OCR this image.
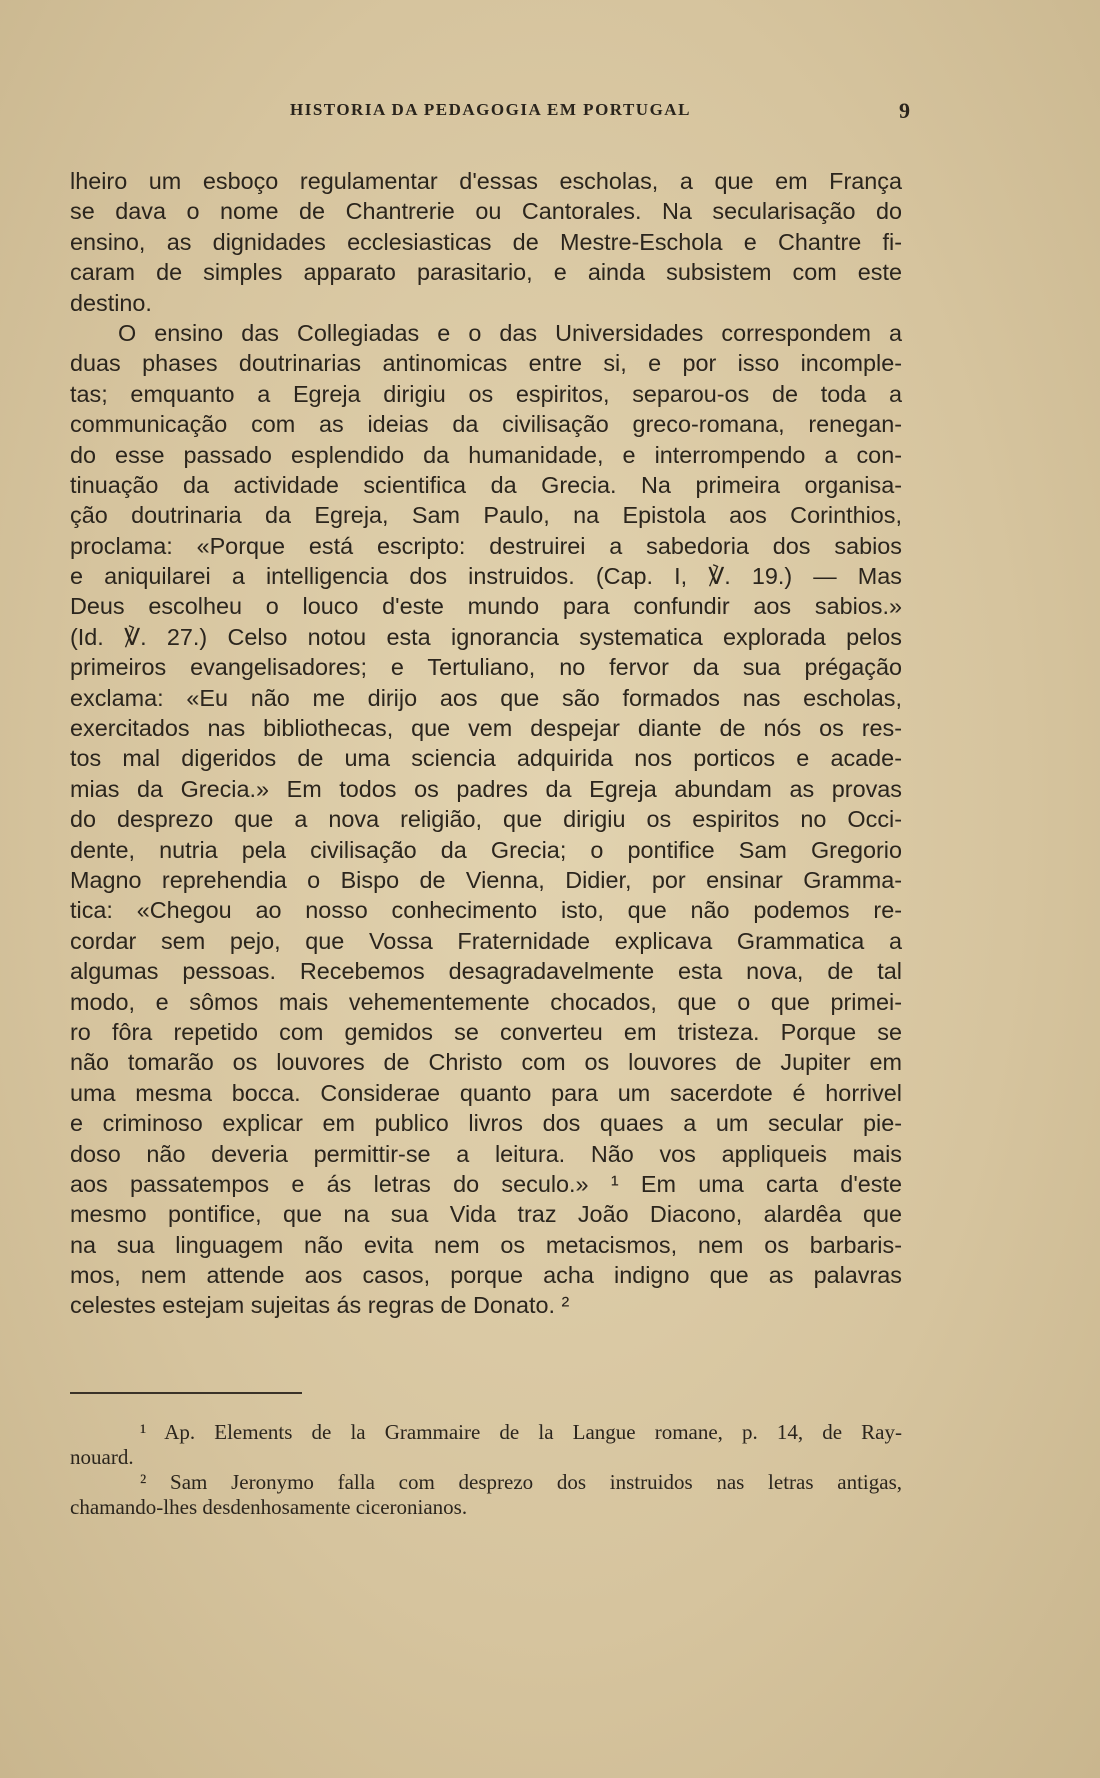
HISTORIA DA PEDAGOGIA EM PORTUGAL	9
lheiro um esboço regulamentar d'essas escholas, a que em França
se dava o nome de Chantrerie ou Cantorales. Na secularisação do
ensino, as dignidades ecclesiasticas de Mestre-Eschola e Chantre fi-
caram de simples apparato parasitario, e ainda subsistem com este
destino.
O ensino das Collegiadas e o das Universidades correspondem a
duas phases doutrinarias antinomicas entre si, e por isso incomple-
tas; emquanto a Egreja dirigiu os espiritos, separou-os de toda a
communicação com as ideias da civilisação greco-romana, renegan-
do esse passado esplendido da humanidade, e interrompendo a con-
tinuação da actividade scientifica da Grecia. Na primeira organisa-
ção doutrinaria da Egreja, Sam Paulo, na Epistola aos Corinthios,
proclama: «Porque está escripto: destruirei a sabedoria dos sabios
e aniquilarei a intelligencia dos instruidos. (Cap. I, ℣. 19.) — Mas
Deus escolheu o louco d'este mundo para confundir aos sabios.»
(Id. ℣. 27.) Celso notou esta ignorancia systematica explorada pelos
primeiros evangelisadores; e Tertuliano, no fervor da sua prégação
exclama: «Eu não me dirijo aos que são formados nas escholas,
exercitados nas bibliothecas, que vem despejar diante de nós os res-
tos mal digeridos de uma sciencia adquirida nos porticos e acade-
mias da Grecia.» Em todos os padres da Egreja abundam as provas
do desprezo que a nova religião, que dirigiu os espiritos no Occi-
dente, nutria pela civilisação da Grecia; o pontifice Sam Gregorio
Magno reprehendia o Bispo de Vienna, Didier, por ensinar Gramma-
tica: «Chegou ao nosso conhecimento isto, que não podemos re-
cordar sem pejo, que Vossa Fraternidade explicava Grammatica a
algumas pessoas. Recebemos desagradavelmente esta nova, de tal
modo, e sômos mais vehementemente chocados, que o que primei-
ro fôra repetido com gemidos se converteu em tristeza. Porque se
não tomarão os louvores de Christo com os louvores de Jupiter em
uma mesma bocca. Considerae quanto para um sacerdote é horrivel
e criminoso explicar em publico livros dos quaes a um secular pie-
doso não deveria permittir-se a leitura. Não vos appliqueis mais
aos passatempos e ás letras do seculo.» ¹ Em uma carta d'este
mesmo pontifice, que na sua Vida traz João Diacono, alardêa que
na sua linguagem não evita nem os metacismos, nem os barbaris-
mos, nem attende aos casos, porque acha indigno que as palavras
celestes estejam sujeitas ás regras de Donato. ²
¹ Ap. Elements de la Grammaire de la Langue romane, p. 14, de Ray-
nouard.
² Sam Jeronymo falla com desprezo dos instruidos nas letras antigas,
chamando-lhes desdenhosamente ciceronianos.
